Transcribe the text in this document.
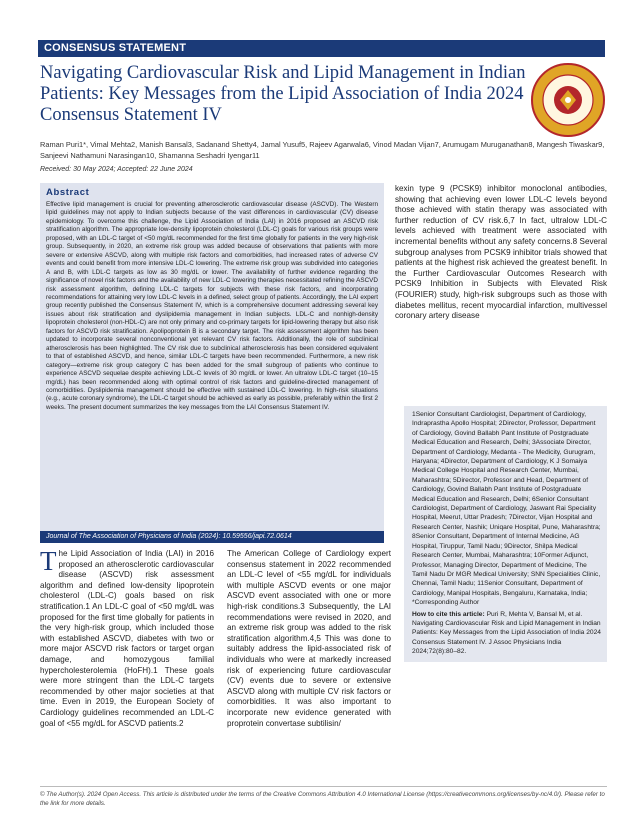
CONSENSUS STATEMENT
Navigating Cardiovascular Risk and Lipid Management in Indian Patients: Key Messages from the Lipid Association of India 2024 Consensus Statement IV
Raman Puri1*, Vimal Mehta2, Manish Bansal3, Sadanand Shetty4, Jamal Yusuf5, Rajeev Agarwala6, Vinod Madan Vijan7, Arumugam Muruganathan8, Mangesh Tiwaskar9, Sanjeevi Nathamuni Narasingan10, Shamanna Seshadri Iyengar11
Received: 30 May 2024; Accepted: 22 June 2024
Abstract
Effective lipid management is crucial for preventing atherosclerotic cardiovascular disease (ASCVD). The Western lipid guidelines may not apply to Indian subjects because of the vast differences in cardiovascular (CV) disease epidemiology. To overcome this challenge, the Lipid Association of India (LAI) in 2016 proposed an ASCVD risk stratification algorithm. The appropriate low-density lipoprotein cholesterol (LDL-C) goals for various risk groups were proposed, with an LDL-C target of <50 mg/dL recommended for the first time globally for patients in the very high-risk group. Subsequently, in 2020, an extreme risk group was added because of observations that patients with more severe or extensive ASCVD, along with multiple risk factors and comorbidities, had increased rates of adverse CV events and could benefit from more intensive LDL-C lowering. The extreme risk group was subdivided into categories A and B, with LDL-C targets as low as 30 mg/dL or lower. The availability of further evidence regarding the significance of novel risk factors and the availability of new LDL-C lowering therapies necessitated refining the ASCVD risk assessment algorithm, defining LDL-C targets for subjects with these risk factors, and incorporating recommendations for attaining very low LDL-C levels in a defined, select group of patients. Accordingly, the LAI expert group recently published the Consensus Statement IV, which is a comprehensive document addressing several key issues about risk stratification and dyslipidemia management in Indian subjects. LDL-C and nonhigh-density lipoprotein cholesterol (non-HDL-C) are not only primary and co-primary targets for lipid-lowering therapy but also risk factors for ASCVD risk stratification. Apolipoprotein B is a secondary target. The risk assessment algorithm has been updated to incorporate several nonconventional yet relevant CV risk factors. Additionally, the role of subclinical atherosclerosis has been highlighted. The CV risk due to subclinical atherosclerosis has been considered equivalent to that of established ASCVD, and hence, similar LDL-C targets have been recommended. Furthermore, a new risk category—extreme risk group category C has been added for the small subgroup of patients who continue to experience ASCVD sequelae despite achieving LDL-C levels of 30 mg/dL or lower. An ultralow LDL-C target (10–15 mg/dL) has been recommended along with optimal control of risk factors and guideline-directed management of comorbidities. Dyslipidemia management should be effective with sustained LDL-C lowering. In high-risk situations (e.g., acute coronary syndrome), the LDL-C target should be achieved as early as possible, preferably within the first 2 weeks. The present document summarizes the key messages from the LAI Consensus Statement IV.
Journal of The Association of Physicians of India (2024): 10.59556/japi.72.0614
kexin type 9 (PCSK9) inhibitor monoclonal antibodies, showing that achieving even lower LDL-C levels beyond those achieved with statin therapy was associated with further reduction of CV risk.6,7 In fact, ultralow LDL-C levels achieved with treatment were associated with incremental benefits without any safety concerns.8 Several subgroup analyses from PCSK9 inhibitor trials showed that patients at the highest risk achieved the greatest benefit. In the Further Cardiovascular Outcomes Research with PCSK9 Inhibition in Subjects with Elevated Risk (FOURIER) study, high-risk subgroups such as those with diabetes mellitus, recent myocardial infarction, multivessel coronary artery disease
1Senior Consultant Cardiologist, Department of Cardiology, Indraprastha Apollo Hospital; 2Director, Professor, Department of Cardiology, Govind Ballabh Pant Institute of Postgraduate Medical Education and Research, Delhi; 3Associate Director, Department of Cardiology, Medanta - The Medicity, Gurugram, Haryana; 4Director, Department of Cardiology, K J Somaiya Medical College Hospital and Research Center, Mumbai, Maharashtra; 5Director, Professor and Head, Department of Cardiology, Govind Ballabh Pant Institute of Postgraduate Medical Education and Research, Delhi; 6Senior Consultant Cardiologist, Department of Cardiology, Jaswant Rai Speciality Hospital, Meerut, Uttar Pradesh; 7Director, Vijan Hospital and Research Center, Nashik; Uniqare Hospital, Pune, Maharashtra; 8Senior Consultant, Department of Internal Medicine, AG Hospital, Tiruppur, Tamil Nadu; 9Director, Shilpa Medical Research Center, Mumbai, Maharashtra; 10Former Adjunct, Professor, Managing Director, Department of Medicine, The Tamil Nadu Dr MGR Medical University; SNN Specialities Clinic, Chennai, Tamil Nadu; 11Senior Consultant, Department of Cardiology, Manipal Hospitals, Bengaluru, Karnataka, India; *Corresponding Author
How to cite this article: Puri R, Mehta V, Bansal M, et al. Navigating Cardiovascular Risk and Lipid Management in Indian Patients: Key Messages from the Lipid Association of India 2024 Consensus Statement IV. J Assoc Physicians India 2024;72(8):80–82.
T he Lipid Association of India (LAI) in 2016 proposed an atherosclerotic cardiovascular disease (ASCVD) risk assessment algorithm and defined low-density lipoprotein cholesterol (LDL-C) goals based on risk stratification.1 An LDL-C goal of <50 mg/dL was proposed for the first time globally for patients in the very high-risk group, which included those with established ASCVD, diabetes with two or more major ASCVD risk factors or target organ damage, and homozygous familial hypercholesterolemia (HoFH).1 These goals were more stringent than the LDL-C targets recommended by other major societies at that time. Even in 2019, the European Society of Cardiology guidelines recommended an LDL-C goal of <55 mg/dL for ASCVD patients.2
The American College of Cardiology expert consensus statement in 2022 recommended an LDL-C level of <55 mg/dL for individuals with multiple ASCVD events or one major ASCVD event associated with one or more high-risk conditions.3 Subsequently, the LAI recommendations were revised in 2020, and an extreme risk group was added to the risk stratification algorithm.4,5 This was done to suitably address the lipid-associated risk of individuals who were at markedly increased risk of experiencing future cardiovascular (CV) events due to severe or extensive ASCVD along with multiple CV risk factors or comorbidities. It was also important to incorporate new evidence generated with proprotein convertase subtilisin/
© The Author(s). 2024 Open Access. This article is distributed under the terms of the Creative Commons Attribution 4.0 International License (https://creativecommons.org/licenses/by-nc/4.0/). Please refer to the link for more details.
